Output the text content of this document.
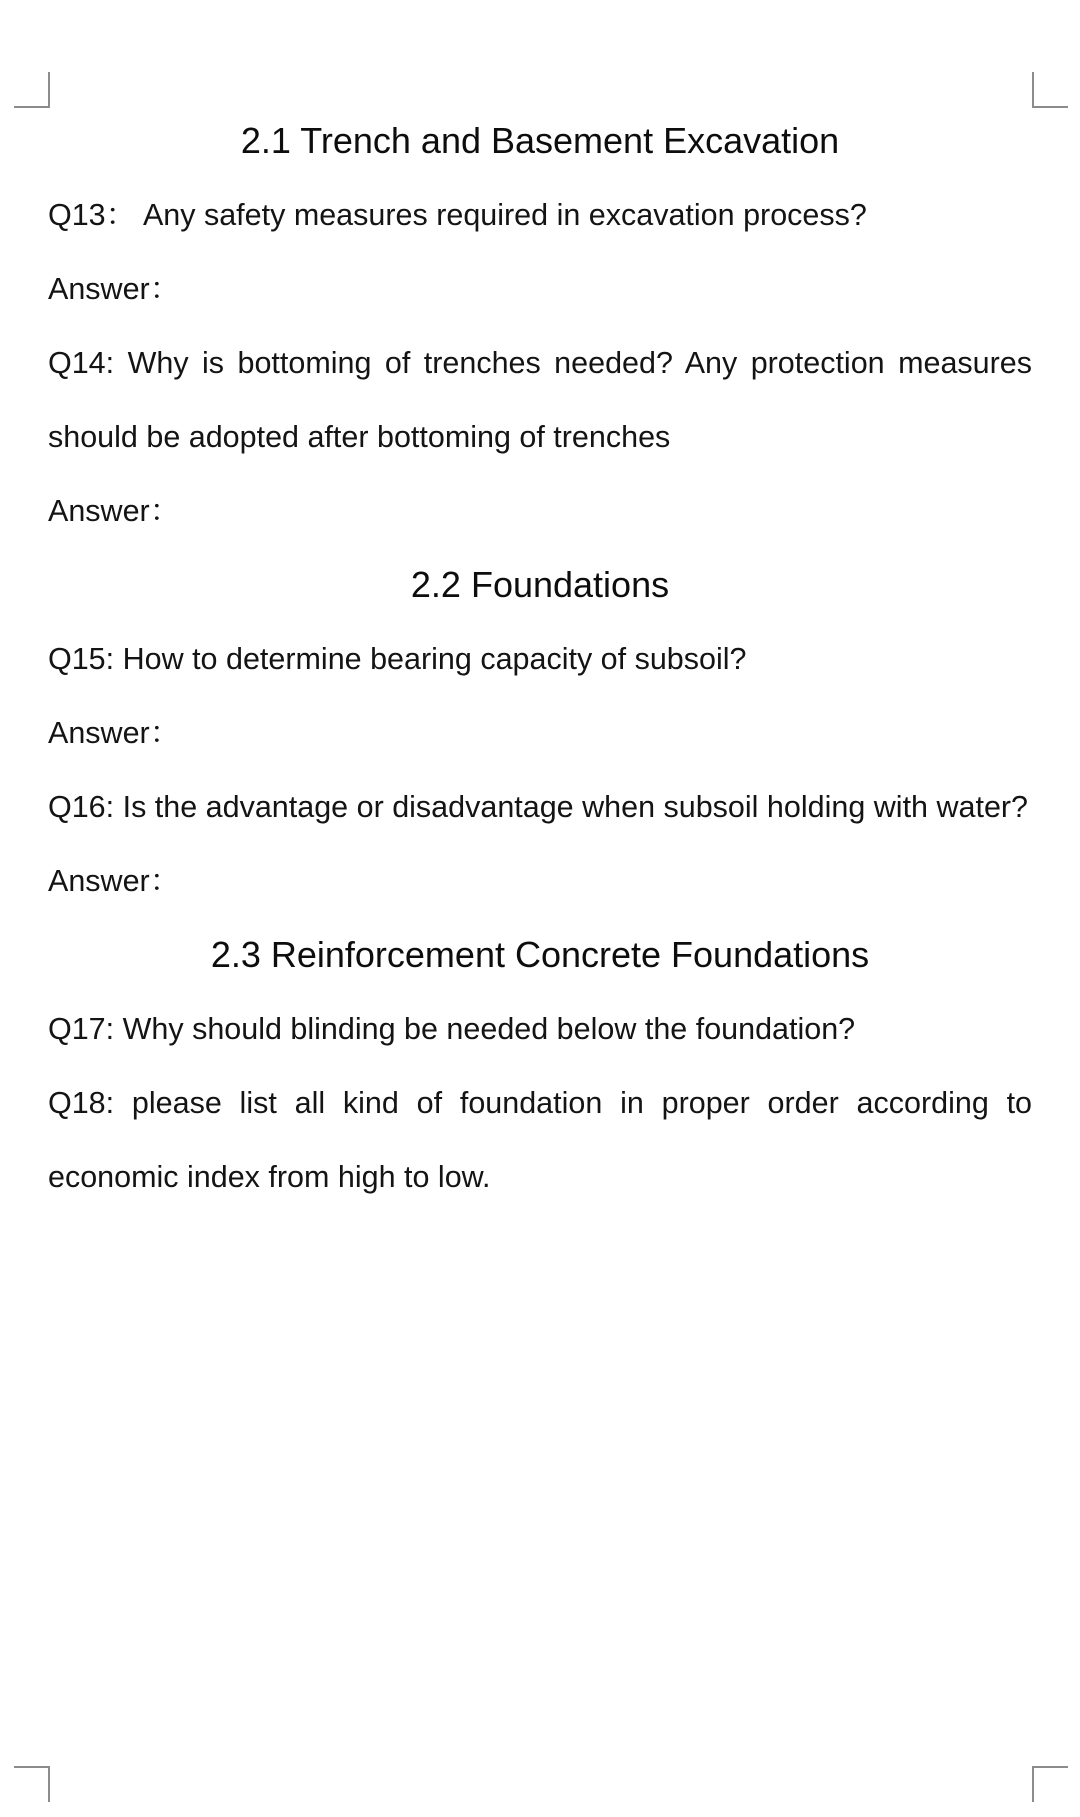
2.1 Trench and Basement Excavation

Q13： Any safety measures required in excavation process?

Answer：

Q14: Why is bottoming of trenches needed? Any protection measures should be adopted after bottoming of trenches

Answer：

2.2 Foundations

Q15: How to determine bearing capacity of subsoil?

Answer：

Q16: Is the advantage or disadvantage when subsoil holding with water?

Answer：

2.3 Reinforcement Concrete Foundations

Q17: Why should blinding be needed below the foundation?

Q18: please list all kind of foundation in proper order according to economic index from high to low.
